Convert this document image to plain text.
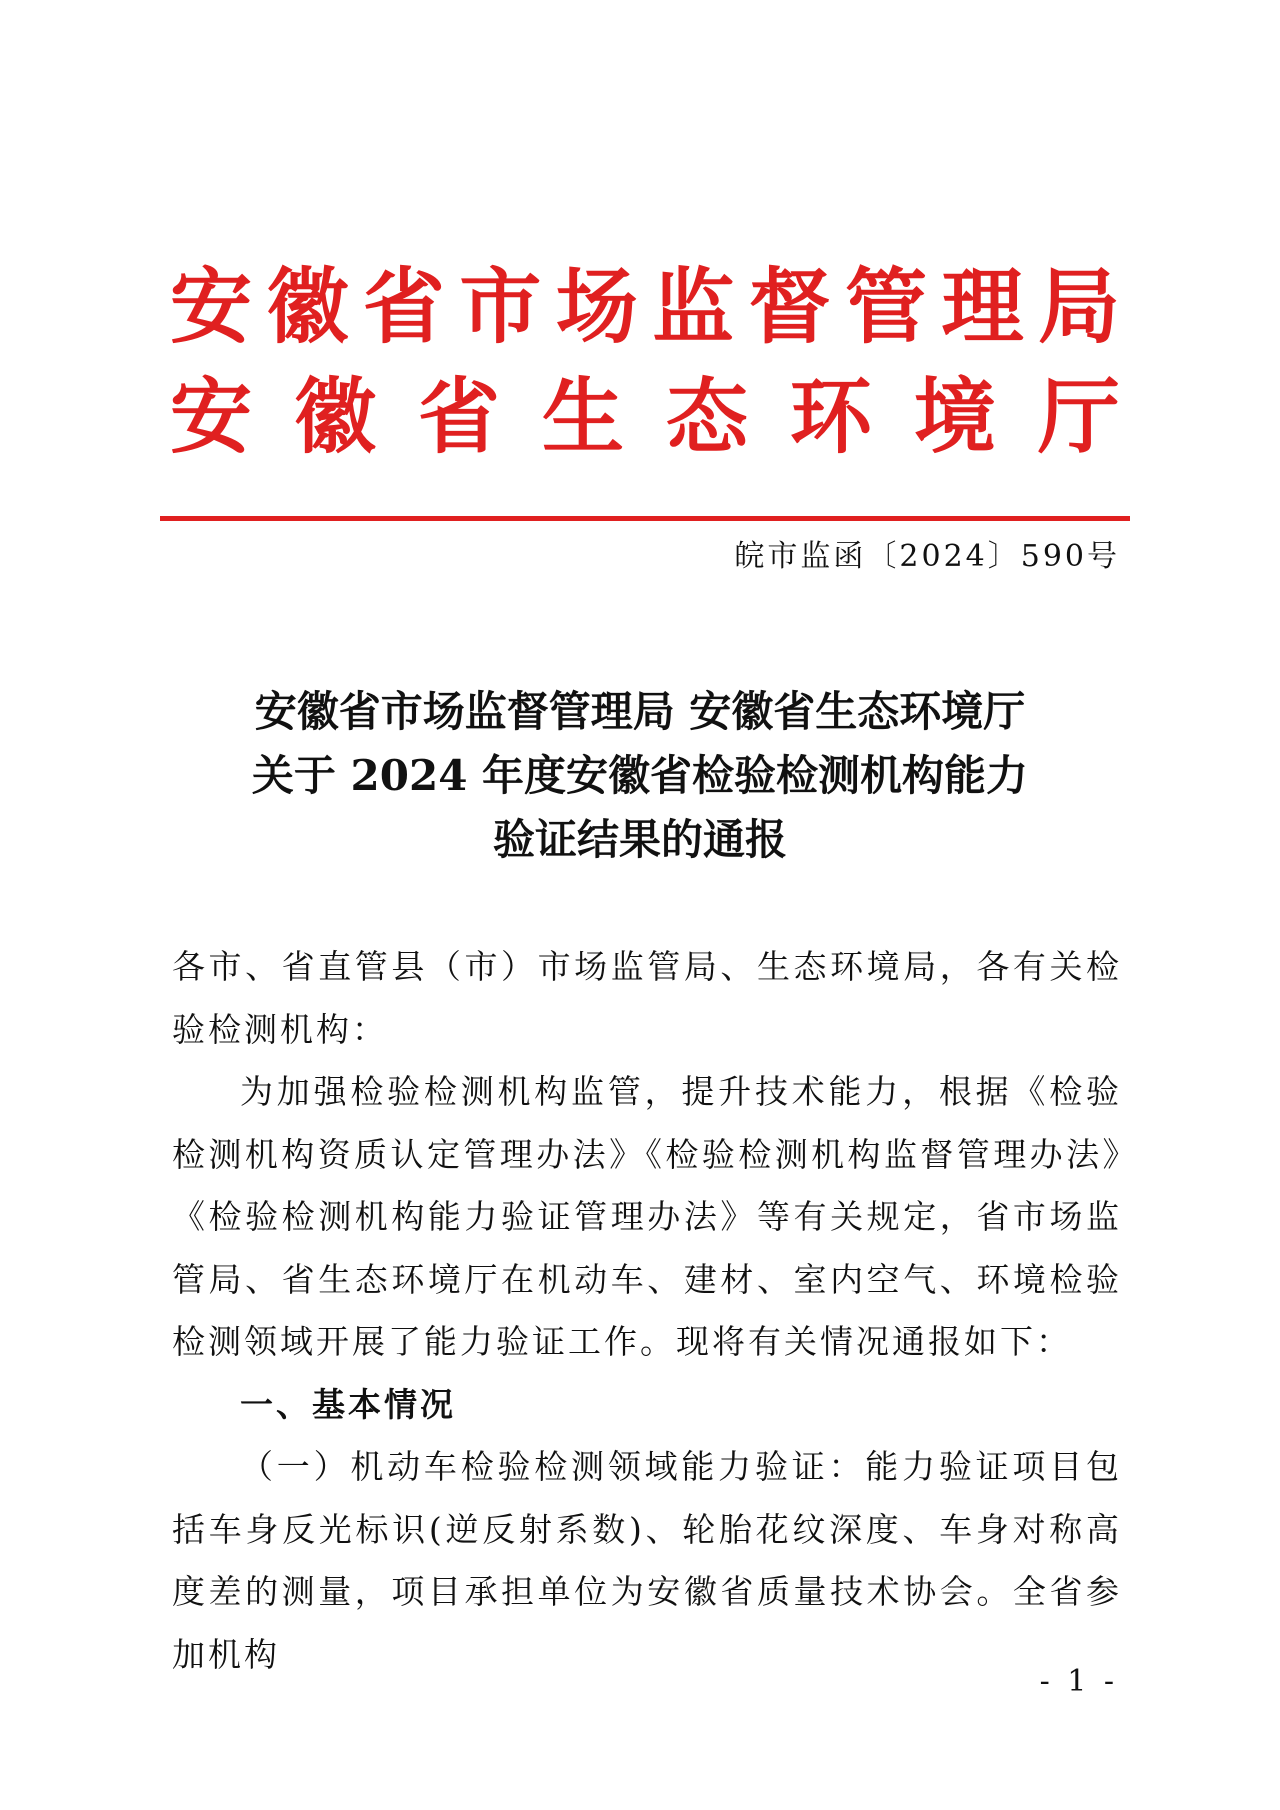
安 徽 省 市 场 监 督 管 理 局
安 徽 省 生 态 环 境 厅
皖市监函〔2024〕590号
安徽省市场监督管理局 安徽省生态环境厅
关于 2024 年度安徽省检验检测机构能力
验证结果的通报

各市、省直管县（市）市场监管局、生态环境局，各有关检验检测机构：

为加强检验检测机构监管，提升技术能力，根据《检验检测机构资质认定管理办法》《检验检测机构监督管理办法》《检验检测机构能力验证管理办法》等有关规定，省市场监管局、省生态环境厅在机动车、建材、室内空气、环境检验检测领域开展了能力验证工作。现将有关情况通报如下：

一、基本情况

（一）机动车检验检测领域能力验证：能力验证项目包括车身反光标识(逆反射系数)、轮胎花纹深度、车身对称高度差的测量，项目承担单位为安徽省质量技术协会。全省参加机构

- 1 -
